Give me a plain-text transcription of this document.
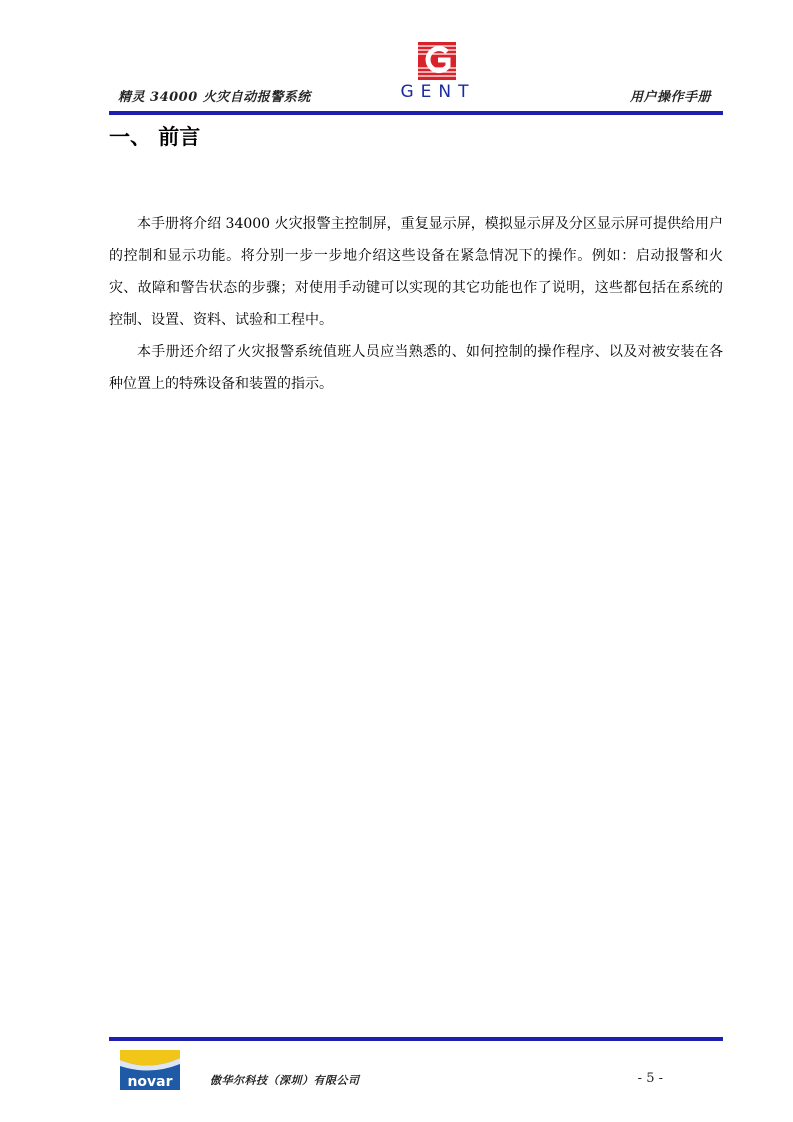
精灵 34000 火灾自动报警系统	GENT	用户操作手册
一、 前言

本手册将介绍 34000 火灾报警主控制屏，重复显示屏，模拟显示屏及分区显示屏可提供给用户的控制和显示功能。将分别一步一步地介绍这些设备在紧急情况下的操作。例如：启动报警和火灾、故障和警告状态的步骤；对使用手动键可以实现的其它功能也作了说明，这些都包括在系统的控制、设置、资料、试验和工程中。

本手册还介绍了火灾报警系统值班人员应当熟悉的、如何控制的操作程序、以及对被安装在各种位置上的特殊设备和装置的指示。

novar	傲华尔科技（深圳）有限公司	- 5 -
